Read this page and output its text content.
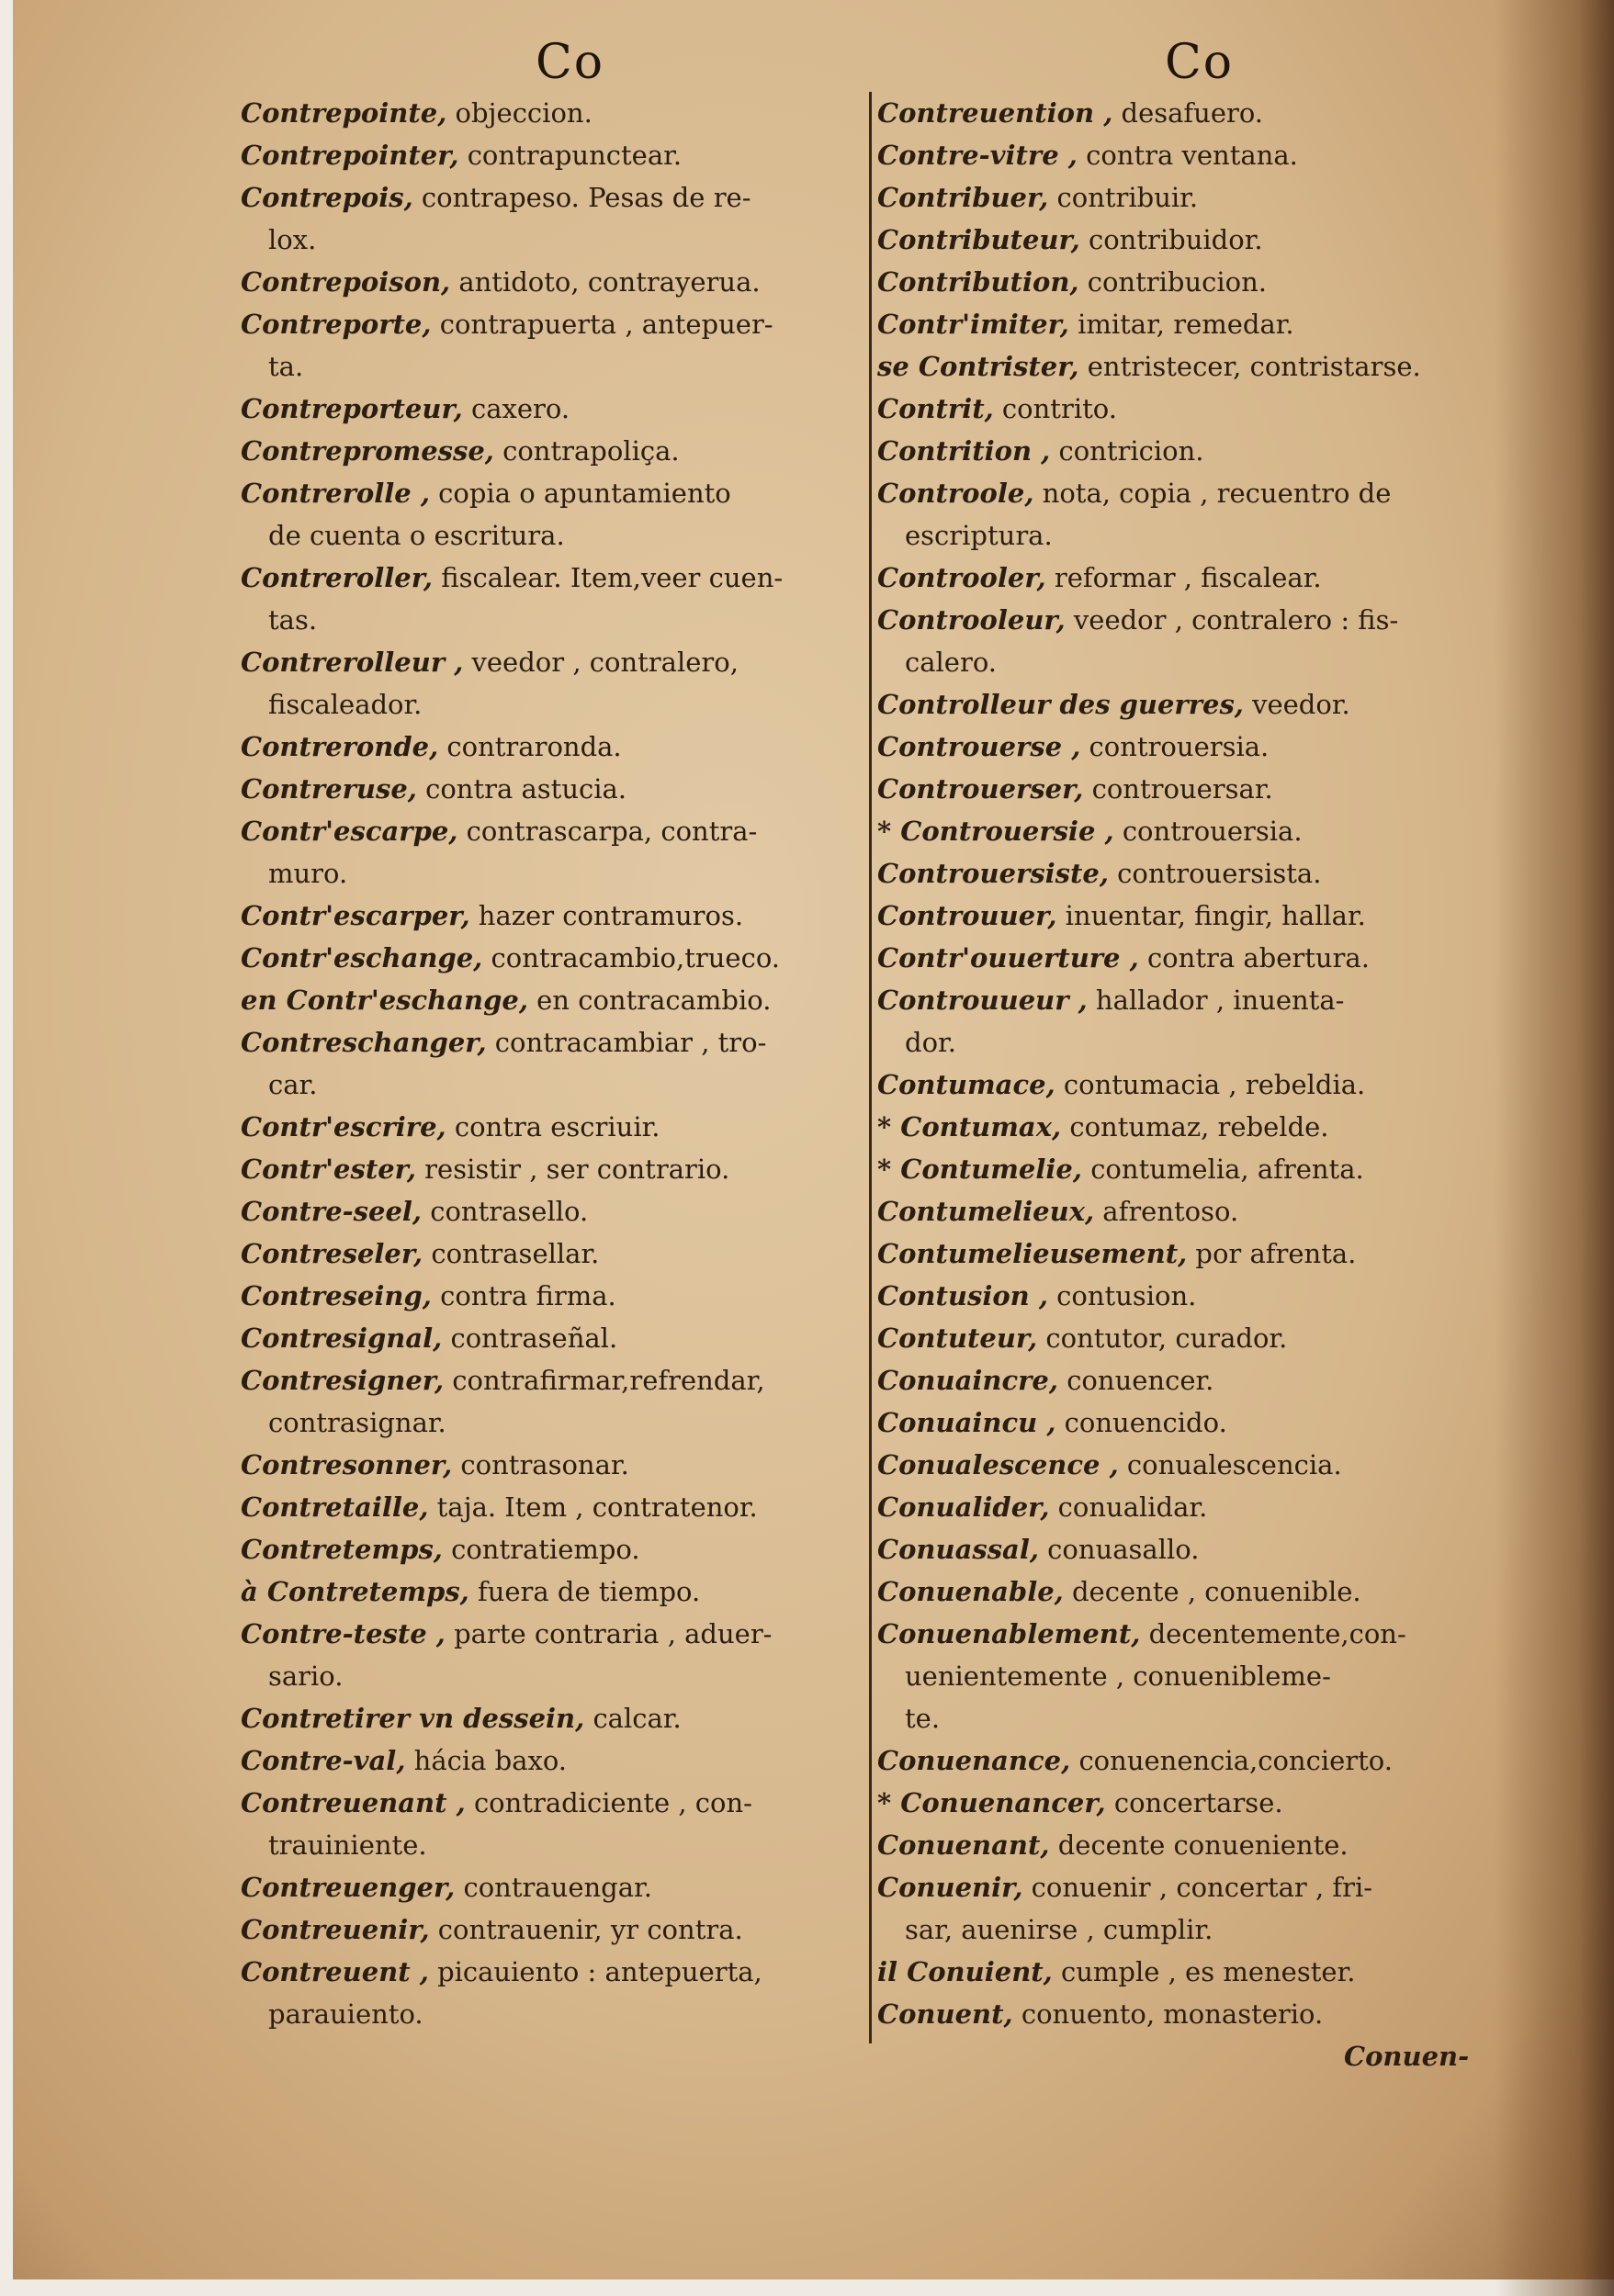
Co	Co
Contrepointe, objeccion.
Contrepointer, contrapunctear.
Contrepois, contrapeso. Pesas de re-
lox.
Contrepoison, antidoto, contrayerua.
Contreporte, contrapuerta , antepuer-
ta.
Contreporteur, caxero.
Contrepromesse, contrapoliça.
Contrerolle , copia o apuntamiento
de cuenta o escritura.
Contreroller, fiscalear. Item,veer cuen-
tas.
Contrerolleur , veedor , contralero,
fiscaleador.
Contreronde, contraronda.
Contreruse, contra astucia.
Contr'escarpe, contrascarpa, contra-
muro.
Contr'escarper, hazer contramuros.
Contr'eschange, contracambio,trueco.
en Contr'eschange, en contracambio.
Contreschanger, contracambiar , tro-
car.
Contr'escrire, contra escriuir.
Contr'ester, resistir , ser contrario.
Contre-seel, contrasello.
Contreseler, contrasellar.
Contreseing, contra firma.
Contresignal, contraseñal.
Contresigner, contrafirmar,refrendar,
contrasignar.
Contresonner, contrasonar.
Contretaille, taja. Item , contratenor.
Contretemps, contratiempo.
à Contretemps, fuera de tiempo.
Contre-teste , parte contraria , aduer-
sario.
Contretirer vn dessein, calcar.
Contre-val, hácia baxo.
Contreuenant , contradiciente , con-
trauiniente.
Contreuenger, contrauengar.
Contreuenir, contrauenir, yr contra.
Contreuent , picauiento : antepuerta,
parauiento.
Contreuention , desafuero.
Contre-vitre , contra ventana.
Contribuer, contribuir.
Contributeur, contribuidor.
Contribution, contribucion.
Contr'imiter, imitar, remedar.
se Contrister, entristecer, contristarse.
Contrit, contrito.
Contrition , contricion.
Controole, nota, copia , recuentro de
escriptura.
Controoler, reformar , fiscalear.
Controoleur, veedor , contralero : fis-
calero.
Controlleur des guerres, veedor.
Controuerse , controuersia.
Controuerser, controuersar.
* Controuersie , controuersia.
Controuersiste, controuersista.
Controuuer, inuentar, fingir, hallar.
Contr'ouuerture , contra abertura.
Controuueur , hallador , inuenta-
dor.
Contumace, contumacia , rebeldia.
* Contumax, contumaz, rebelde.
* Contumelie, contumelia, afrenta.
Contumelieux, afrentoso.
Contumelieusement, por afrenta.
Contusion , contusion.
Contuteur, contutor, curador.
Conuaincre, conuencer.
Conuaincu , conuencido.
Conualescence , conualescencia.
Conualider, conualidar.
Conuassal, conuasallo.
Conuenable, decente , conuenible.
Conuenablement, decentemente,con-
uenientemente , conuenibleme-
te.
Conuenance, conuenencia,concierto.
* Conuenancer, concertarse.
Conuenant, decente conueniente.
Conuenir, conuenir , concertar , fri-
sar, auenirse , cumplir.
il Conuient, cumple , es menester.
Conuent, conuento, monasterio.
Conuen-
